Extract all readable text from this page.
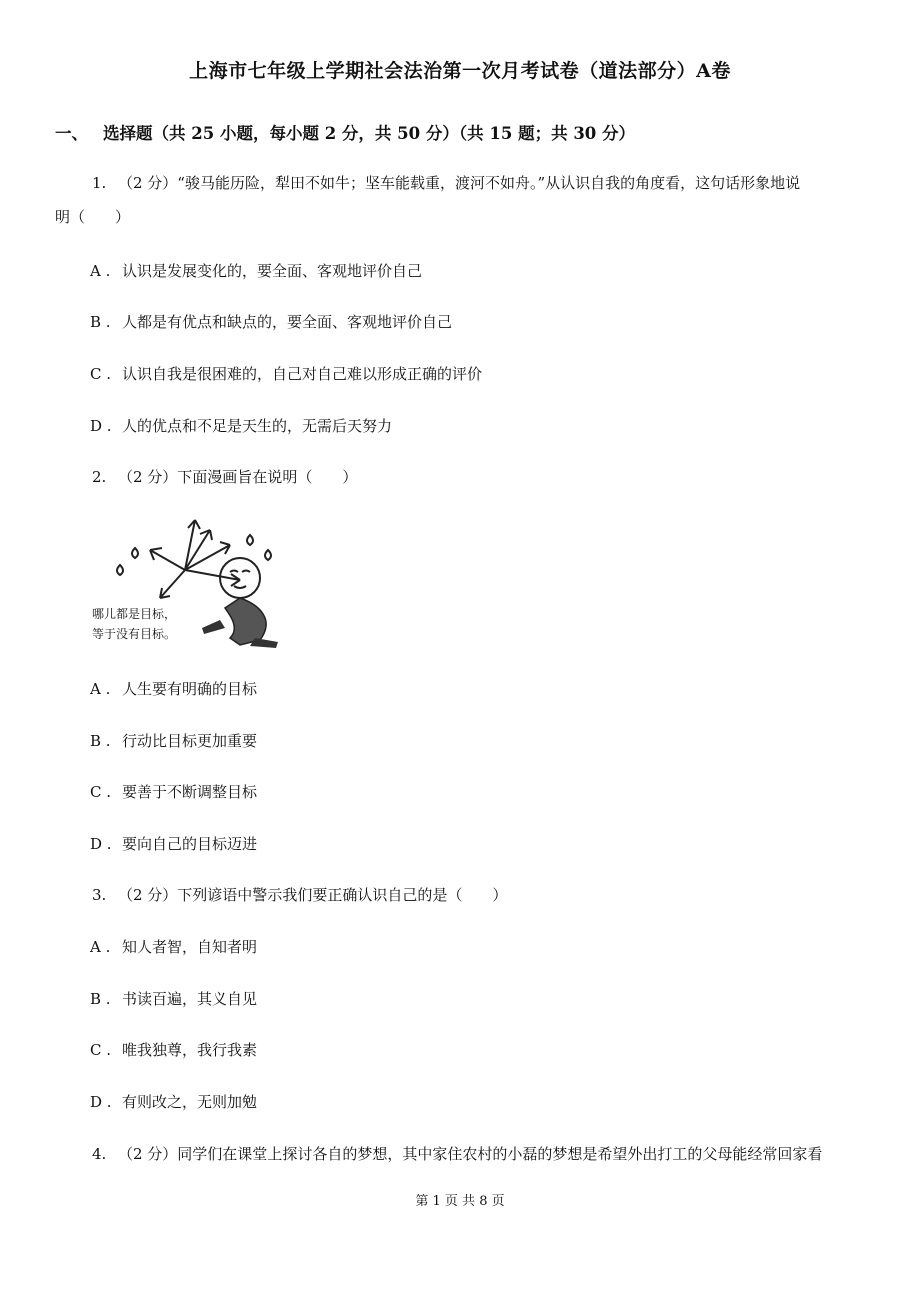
上海市七年级上学期社会法治第一次月考试卷（道法部分）A卷
一、 选择题（共 25 小题，每小题 2 分，共 50 分）（共 15 题；共 30 分）
1. （2 分）“骏马能历险，犁田不如牛；坚车能载重，渡河不如舟。”从认识自我的角度看，这句话形象地说
明（　　）
A . 认识是发展变化的，要全面、客观地评价自己
B . 人都是有优点和缺点的，要全面、客观地评价自己
C . 认识自我是很困难的，自己对自己难以形成正确的评价
D . 人的优点和不足是天生的，无需后天努力
2. （2 分）下面漫画旨在说明（　　）
哪儿都是目标，
等于没有目标。
A . 人生要有明确的目标
B . 行动比目标更加重要
C . 要善于不断调整目标
D . 要向自己的目标迈进
3. （2 分）下列谚语中警示我们要正确认识自己的是（　　）
A . 知人者智，自知者明
B . 书读百遍，其义自见
C . 唯我独尊，我行我素
D . 有则改之，无则加勉
4. （2 分）同学们在课堂上探讨各自的梦想，其中家住农村的小磊的梦想是希望外出打工的父母能经常回家看
第 1 页 共 8 页
